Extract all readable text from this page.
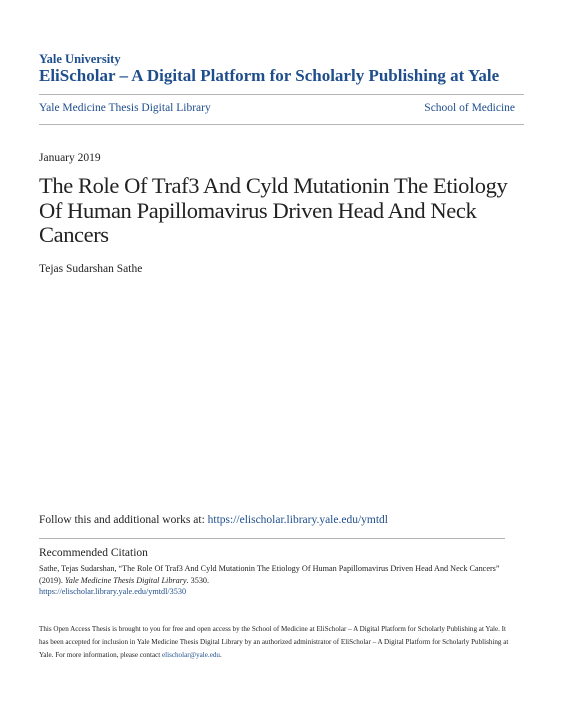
Yale University
EliScholar – A Digital Platform for Scholarly Publishing at Yale
Yale Medicine Thesis Digital Library	School of Medicine
January 2019
The Role Of Traf3 And Cyld Mutationin The Etiology Of Human Papillomavirus Driven Head And Neck Cancers
Tejas Sudarshan Sathe
Follow this and additional works at: https://elischolar.library.yale.edu/ymtdl
Recommended Citation
Sathe, Tejas Sudarshan, “The Role Of Traf3 And Cyld Mutationin The Etiology Of Human Papillomavirus Driven Head And Neck Cancers” (2019). Yale Medicine Thesis Digital Library. 3530.
https://elischolar.library.yale.edu/ymtdl/3530
This Open Access Thesis is brought to you for free and open access by the School of Medicine at EliScholar – A Digital Platform for Scholarly Publishing at Yale. It has been accepted for inclusion in Yale Medicine Thesis Digital Library by an authorized administrator of EliScholar – A Digital Platform for Scholarly Publishing at Yale. For more information, please contact elischolar@yale.edu.
